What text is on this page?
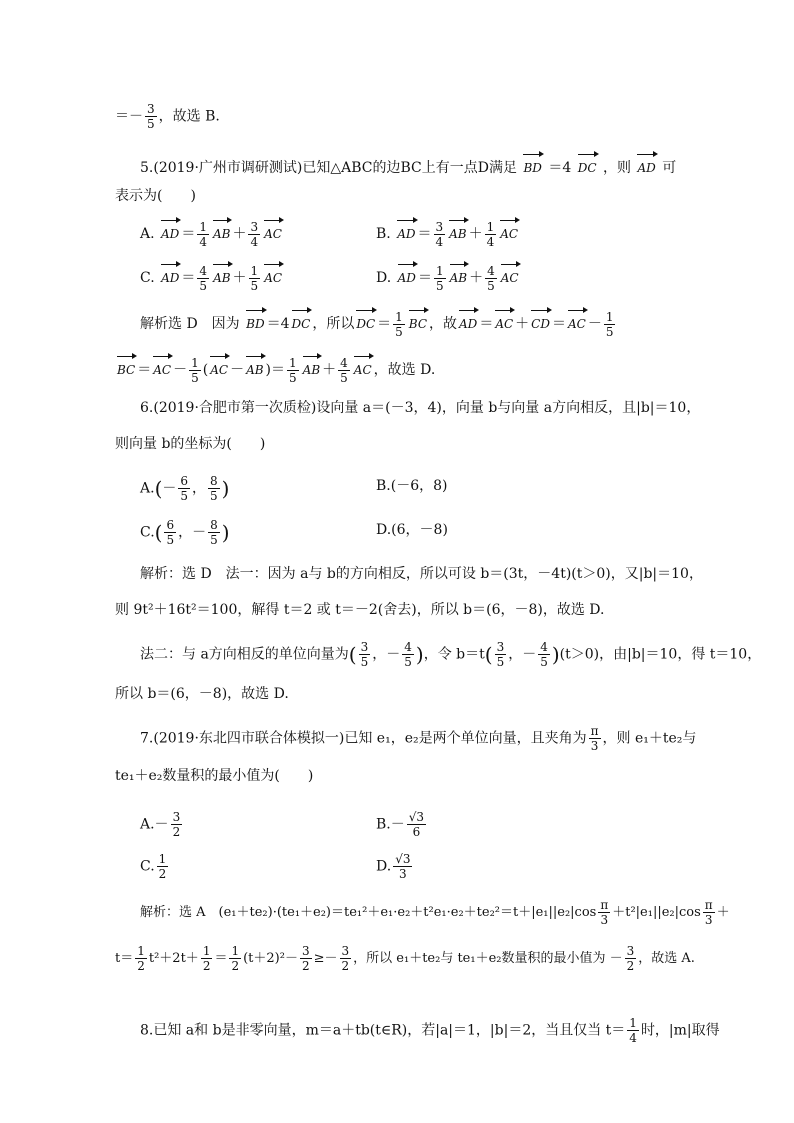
＝－ $\frac{3}{5}$ ，故选 B.
5.(2019·广州市调研测试)已知△ABC的边BC上有一点D满足 BD ＝4 DC ，则 AD 可
表示为(　　)
A. AD ＝ $\frac{1}{4}$ AB ＋ $\frac{3}{4}$ AC	B. AD ＝ $\frac{3}{4}$ AB ＋ $\frac{1}{4}$ AC
C. AD ＝ $\frac{4}{5}$ AB ＋ $\frac{1}{5}$ AC	D. AD ＝ $\frac{1}{5}$ AB ＋ $\frac{4}{5}$ AC
解析选 D　因为 BD ＝4 DC ，所以 DC ＝ $\frac{1}{5}$ BC ，故 AD ＝ AC ＋ CD ＝ AC － $\frac{1}{5}$
BC ＝ AC － $\frac{1}{5}$ ( AC － AB )＝ $\frac{1}{5}$ AB ＋ $\frac{4}{5}$ AC ，故选 D.
6.(2019·合肥市第一次质检)设向量 a＝(－3，4)，向量 b与向量 a方向相反，且|b|＝10，
则向量 b的坐标为(　　)
$A.(- \frac{6}{5}$ ， $\frac{8}{5}$ )	B.(－6，8)
$C.( \frac{6}{5}$ ，－ $\frac{8}{5}$ )	D.(6，－8)
解析：选 D　法一：因为 a与 b的方向相反，所以可设 b＝(3t，－4t)(t＞0)，又|b|＝10，
则 9t²＋16t²＝100，解得 t＝2 或 t＝－2(舍去)，所以 b＝(6，－8)，故选 D.
法二：与 a方向相反的单位向量为( $\frac{3}{5}$ ，－ $\frac{4}{5}$ )，令 $b=t( \frac{3}{5}$ ，－ $\frac{4}{5} )(t>0)$，由|b|＝10，得 t＝10，
所以 b＝(6，－8)，故选 D.
7.(2019·东北四市联合体模拟一)已知 e₁，e₂是两个单位向量，且夹角为 $\frac{\pi}{3}$ ，则 e₁＋te₂与
te₁＋e₂数量积的最小值为(　　)
$A.- \frac{3}{2}$	$B.- \frac{√3}{6}$
C. $\frac{1}{2}$	D. $\frac{√3}{3}$
解析：选 A　$(e_1+te_2)\cdot(te_1+e_2)=te_1^2+e_1\cdot e_2+t^2e_1\cdot e_2+te_2^2=t+|e_1||e_2|\cos \frac{\pi}{3} +t^2|e_1||e_2|\cos \frac{\pi}{3}$ ＋
$t= \frac{1}{2} t^2+2t+ \frac{1}{2} = \frac{1}{2} (t+2)^2- \frac{3}{2} \ge- \frac{3}{2}$ ，所以 e₁＋te₂与 te₁＋e₂数量积的最小值为 － $\frac{3}{2}$ ，故选 A.
8.已知 a和 b是非零向量，m＝a＋tb(t∈R)，若|a|＝1，|b|＝2，当且仅当 $t= \frac{1}{4}$ 时，|m|取得
